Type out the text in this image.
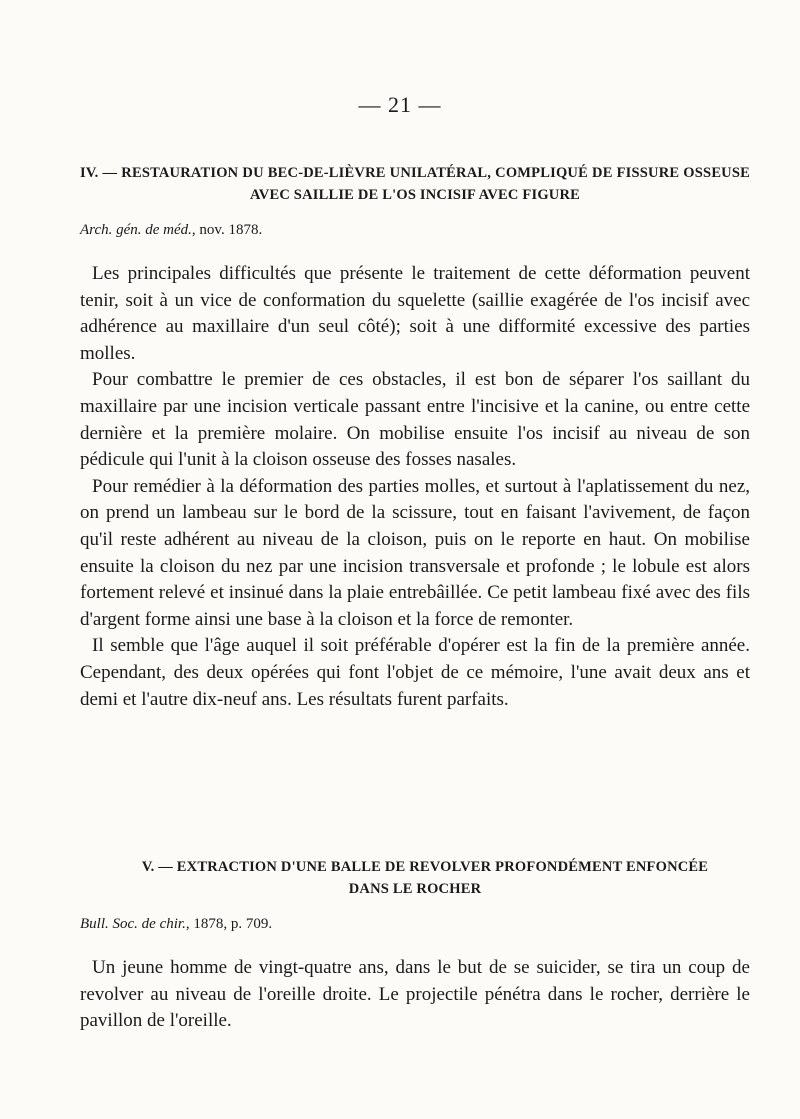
— 21 —
IV. — RESTAURATION DU BEC-DE-LIÈVRE UNILATÉRAL, COMPLIQUÉ DE FISSURE OSSEUSE
AVEC SAILLIE DE L'OS INCISIF AVEC FIGURE
Arch. gén. de méd., nov. 1878.

Les principales difficultés que présente le traitement de cette déformation peuvent tenir, soit à un vice de conformation du squelette (saillie exagérée de l'os incisif avec adhérence au maxillaire d'un seul côté); soit à une difformité excessive des parties molles.

Pour combattre le premier de ces obstacles, il est bon de séparer l'os saillant du maxillaire par une incision verticale passant entre l'incisive et la canine, ou entre cette dernière et la première molaire. On mobilise ensuite l'os incisif au niveau de son pédicule qui l'unit à la cloison osseuse des fosses nasales.

Pour remédier à la déformation des parties molles, et surtout à l'aplatissement du nez, on prend un lambeau sur le bord de la scissure, tout en faisant l'avivement, de façon qu'il reste adhérent au niveau de la cloison, puis on le reporte en haut. On mobilise ensuite la cloison du nez par une incision transversale et profonde ; le lobule est alors fortement relevé et insinué dans la plaie entrebâillée. Ce petit lambeau fixé avec des fils d'argent forme ainsi une base à la cloison et la force de remonter.

Il semble que l'âge auquel il soit préférable d'opérer est la fin de la première année. Cependant, des deux opérées qui font l'objet de ce mémoire, l'une avait deux ans et demi et l'autre dix-neuf ans. Les résultats furent parfaits.

V. — EXTRACTION D'UNE BALLE DE REVOLVER PROFONDÉMENT ENFONCÉE
DANS LE ROCHER
Bull. Soc. de chir., 1878, p. 709.

Un jeune homme de vingt-quatre ans, dans le but de se suicider, se tira un coup de revolver au niveau de l'oreille droite. Le projectile pénétra dans le rocher, derrière le pavillon de l'oreille.
